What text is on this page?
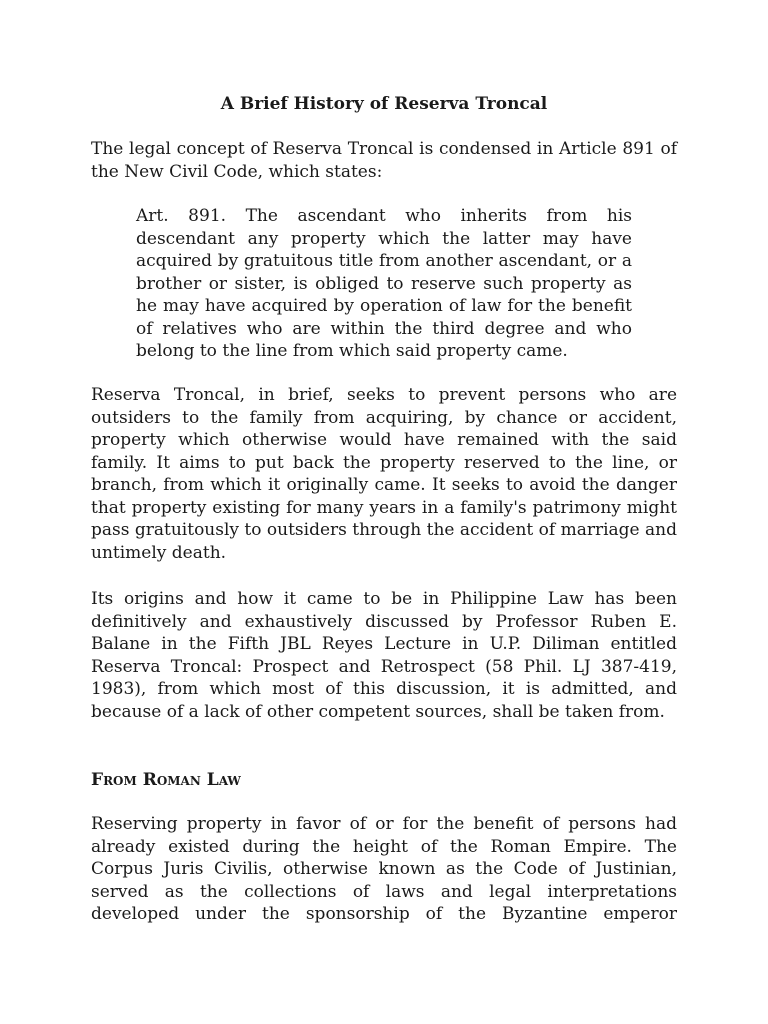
A Brief History of Reserva Troncal

The legal concept of Reserva Troncal is condensed in Article 891 of the New Civil Code, which states:

Art. 891. The ascendant who inherits from his descendant any property which the latter may have acquired by gratuitous title from another ascendant, or a brother or sister, is obliged to reserve such property as he may have acquired by operation of law for the benefit of relatives who are within the third degree and who belong to the line from which said property came.

Reserva Troncal, in brief, seeks to prevent persons who are outsiders to the family from acquiring, by chance or accident, property which otherwise would have remained with the said family. It aims to put back the property reserved to the line, or branch, from which it originally came. It seeks to avoid the danger that property existing for many years in a family's patrimony might pass gratuitously to outsiders through the accident of marriage and untimely death.

Its origins and how it came to be in Philippine Law has been definitively and exhaustively discussed by Professor Ruben E. Balane in the Fifth JBL Reyes Lecture in U.P. Diliman entitled Reserva Troncal: Prospect and Retrospect (58 Phil. LJ 387-419, 1983), from which most of this discussion, it is admitted, and because of a lack of other competent sources, shall be taken from.

From Roman Law

Reserving property in favor of or for the benefit of persons had already existed during the height of the Roman Empire. The Corpus Juris Civilis, otherwise known as the Code of Justinian, served as the collections of laws and legal interpretations developed under the sponsorship of the Byzantine emperor
